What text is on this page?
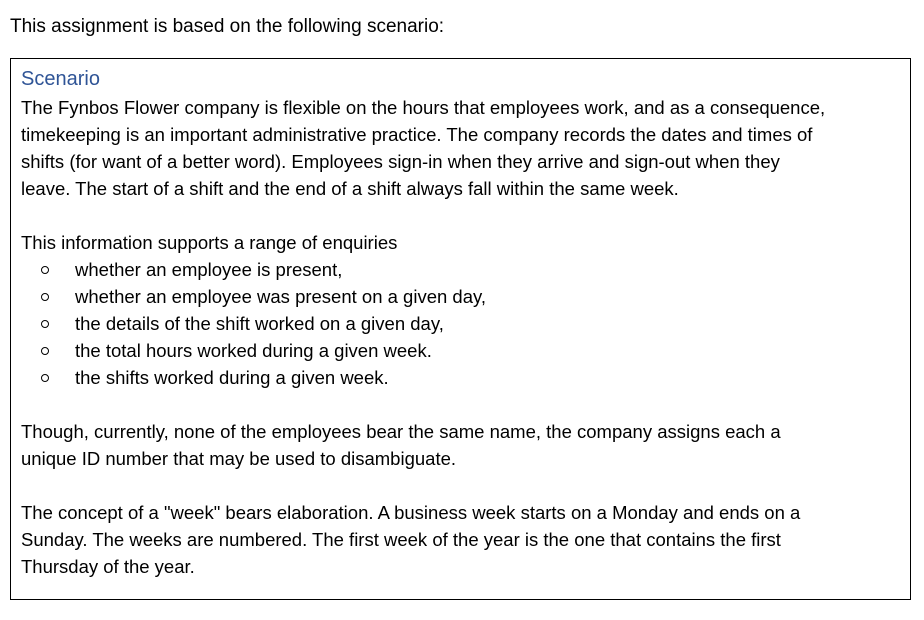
This assignment is based on the following scenario:
Scenario

The Fynbos Flower company is flexible on the hours that employees work, and as a consequence,
timekeeping is an important administrative practice. The company records the dates and times of
shifts (for want of a better word). Employees sign-in when they arrive and sign-out when they
leave. The start of a shift and the end of a shift always fall within the same week.

This information supports a range of enquiries

whether an employee is present,
whether an employee was present on a given day,
the details of the shift worked on a given day,
the total hours worked during a given week.
the shifts worked during a given week.

Though, currently, none of the employees bear the same name, the company assigns each a
unique ID number that may be used to disambiguate.

The concept of a "week" bears elaboration. A business week starts on a Monday and ends on a
Sunday. The weeks are numbered. The first week of the year is the one that contains the first
Thursday of the year.
